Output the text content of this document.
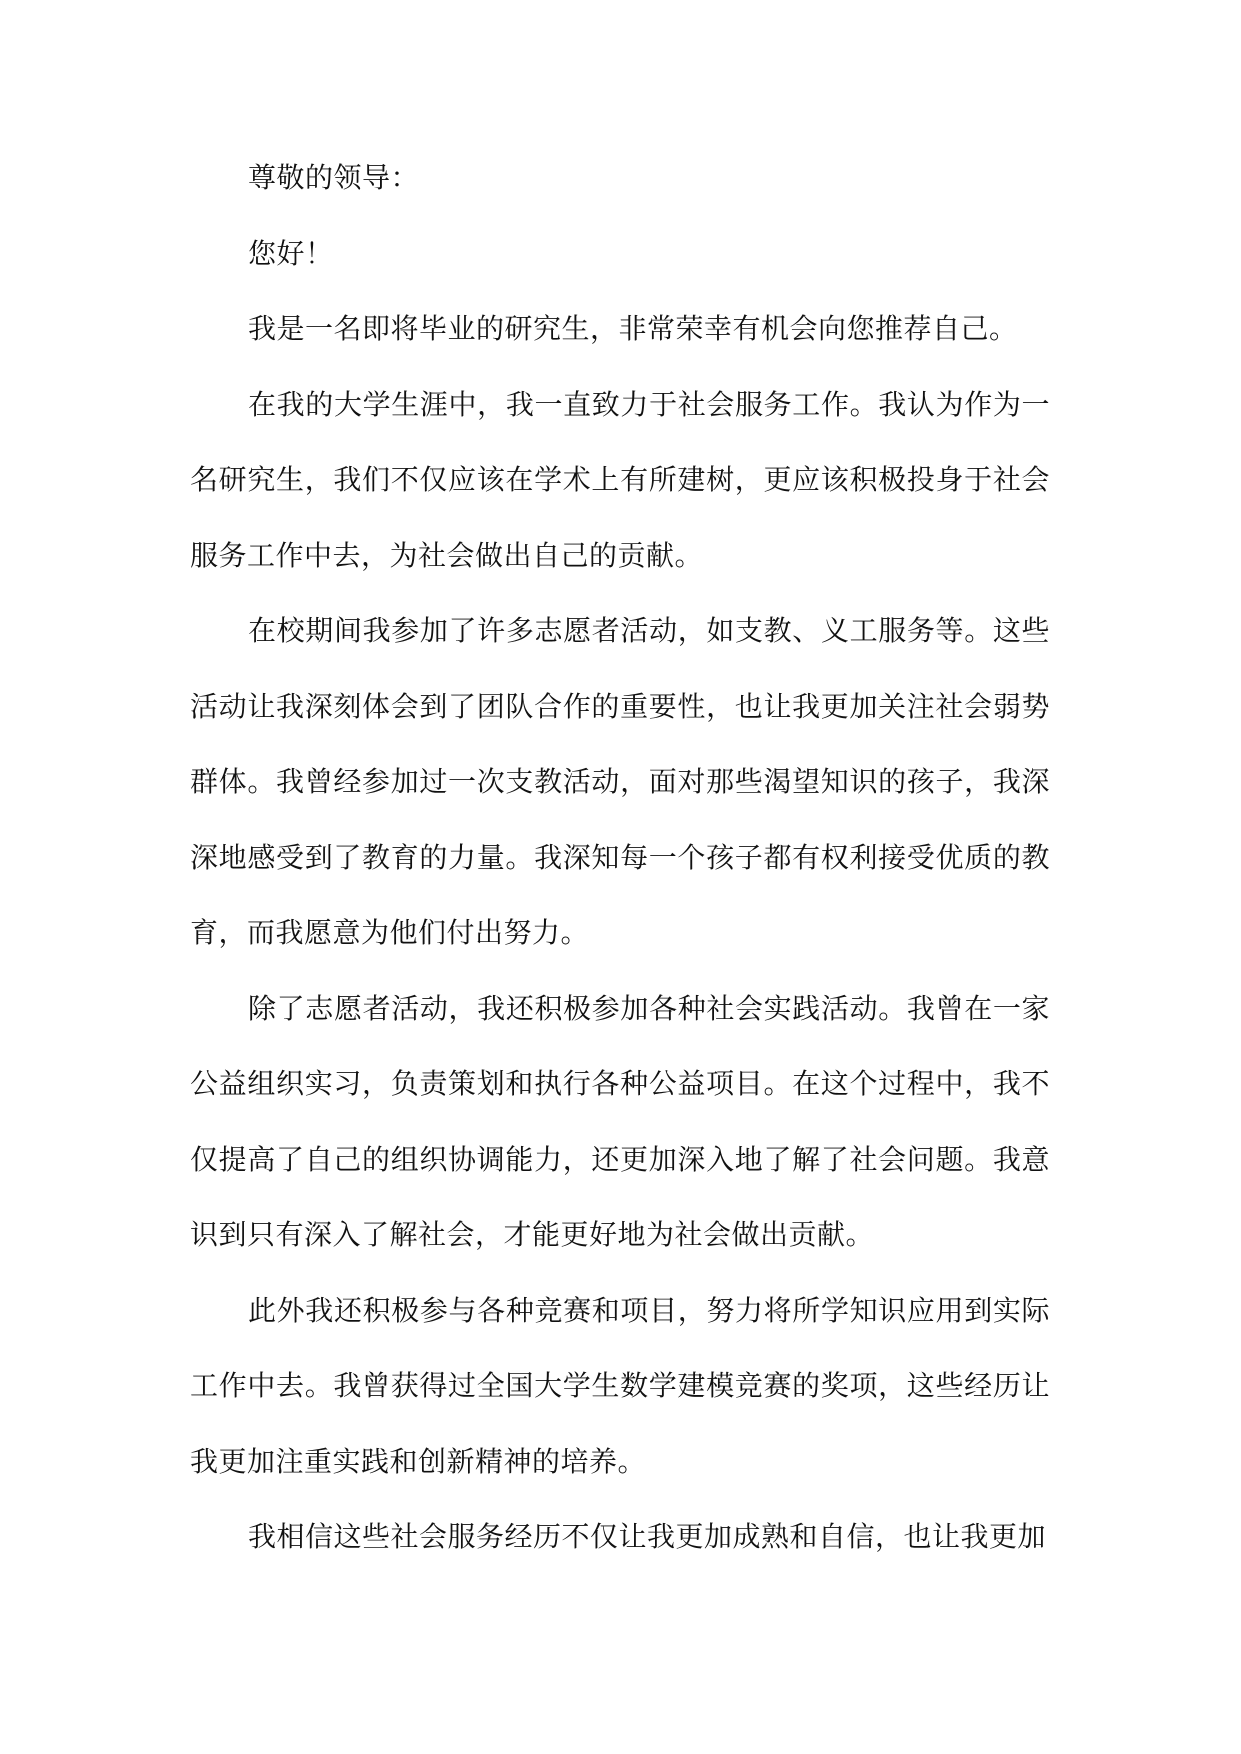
尊敬的领导：

您好！

我是一名即将毕业的研究生，非常荣幸有机会向您推荐自己。

在我的大学生涯中，我一直致力于社会服务工作。我认为作为一名研究生，我们不仅应该在学术上有所建树，更应该积极投身于社会服务工作中去，为社会做出自己的贡献。

在校期间我参加了许多志愿者活动，如支教、义工服务等。这些活动让我深刻体会到了团队合作的重要性，也让我更加关注社会弱势群体。我曾经参加过一次支教活动，面对那些渴望知识的孩子，我深深地感受到了教育的力量。我深知每一个孩子都有权利接受优质的教育，而我愿意为他们付出努力。

除了志愿者活动，我还积极参加各种社会实践活动。我曾在一家公益组织实习，负责策划和执行各种公益项目。在这个过程中，我不仅提高了自己的组织协调能力，还更加深入地了解了社会问题。我意识到只有深入了解社会，才能更好地为社会做出贡献。

此外我还积极参与各种竞赛和项目，努力将所学知识应用到实际工作中去。我曾获得过全国大学生数学建模竞赛的奖项，这些经历让我更加注重实践和创新精神的培养。

我相信这些社会服务经历不仅让我更加成熟和自信，也让我更加
